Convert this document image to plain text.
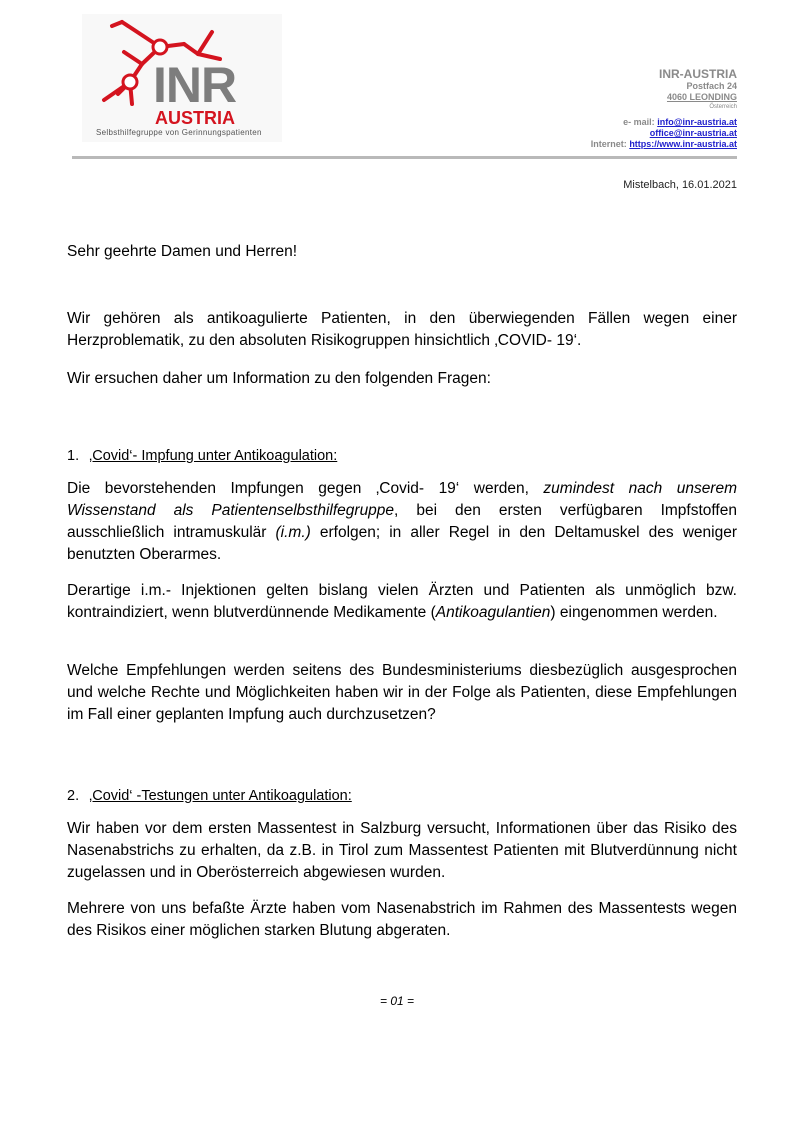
INR
AUSTRIA
Selbsthilfegruppe von Gerinnungspatienten
INR-AUSTRIA
Postfach 24
4060 LEONDING
Österreich
e- mail: info@inr-austria.at
office@inr-austria.at
Internet: https://www.inr-austria.at
Mistelbach, 16.01.2021
Sehr geehrte Damen und Herren!

Wir gehören als antikoagulierte Patienten, in den überwiegenden Fällen wegen einer Herzproblematik, zu den absoluten Risikogruppen hinsichtlich ‚COVID- 19‘.

Wir ersuchen daher um Information zu den folgenden Fragen:

1. ‚Covid‘- Impfung unter Antikoagulation:

Die bevorstehenden Impfungen gegen ‚Covid- 19‘ werden, zumindest nach unserem Wissenstand als Patientenselbsthilfegruppe, bei den ersten verfügbaren Impfstoffen ausschließlich intramuskulär (i.m.) erfolgen; in aller Regel in den Deltamuskel des weniger benutzten Oberarmes.

Derartige i.m.- Injektionen gelten bislang vielen Ärzten und Patienten als unmöglich bzw. kontraindiziert, wenn blutverdünnende Medikamente (Antikoagulantien) eingenommen werden.

Welche Empfehlungen werden seitens des Bundesministeriums diesbezüglich ausgesprochen und welche Rechte und Möglichkeiten haben wir in der Folge als Patienten, diese Empfehlungen im Fall einer geplanten Impfung auch durchzusetzen?

2. ‚Covid‘ -Testungen unter Antikoagulation:

Wir haben vor dem ersten Massentest in Salzburg versucht, Informationen über das Risiko des Nasenabstrichs zu erhalten, da z.B. in Tirol zum Massentest Patienten mit Blutverdünnung nicht zugelassen und in Oberösterreich abgewiesen wurden.

Mehrere von uns befaßte Ärzte haben vom Nasenabstrich im Rahmen des Massentests wegen des Risikos einer möglichen starken Blutung abgeraten.

= 01 =
